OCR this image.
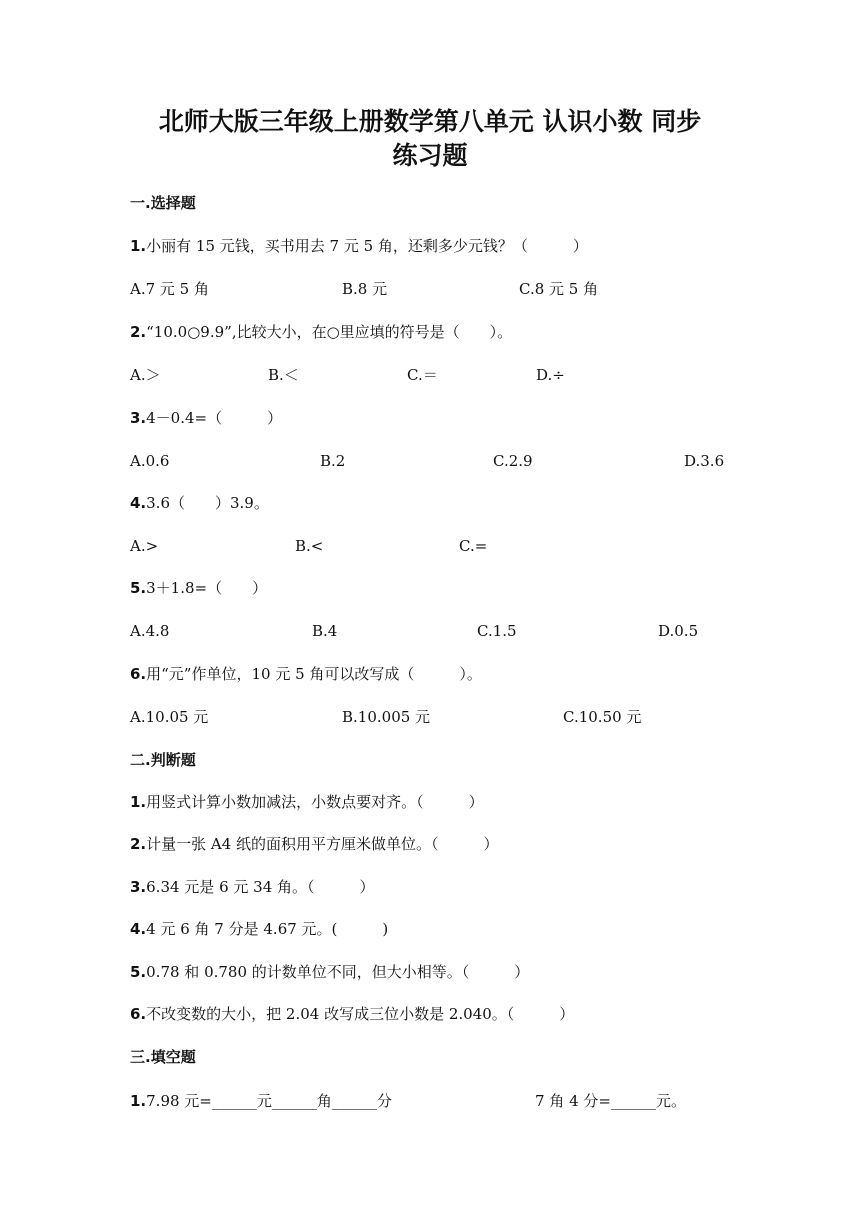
北师大版三年级上册数学第八单元 认识小数 同步
练习题
一.选择题
1.小丽有 15 元钱，买书用去 7 元 5 角，还剩多少元钱？（　　　）
A.7 元 5 角	B.8 元	C.8 元 5 角
2.“10.0○9.9”,比较大小，在○里应填的符号是（　　）。
A.＞	B.＜	C.＝	D.÷
3.4－0.4=（　　　）
A.0.6	B.2	C.2.9	D.3.6
4.3.6（　　）3.9。
A.>	B.<	C.=
5.3＋1.8=（　　）
A.4.8	B.4	C.1.5	D.0.5
6.用“元”作单位，10 元 5 角可以改写成（　　　）。
A.10.05 元	B.10.005 元	C.10.50 元
二.判断题
1.用竖式计算小数加减法，小数点要对齐。（　　　）
2.计量一张 A4 纸的面积用平方厘米做单位。（　　　）
3.6.34 元是 6 元 34 角。（　　　）
4.4 元 6 角 7 分是 4.67 元。(　　　)
5.0.78 和 0.780 的计数单位不同，但大小相等。（　　　）
6.不改变数的大小，把 2.04 改写成三位小数是 2.040。（　　　）
三.填空题
1.7.98 元=______元______角______分	7 角 4 分=______元。
